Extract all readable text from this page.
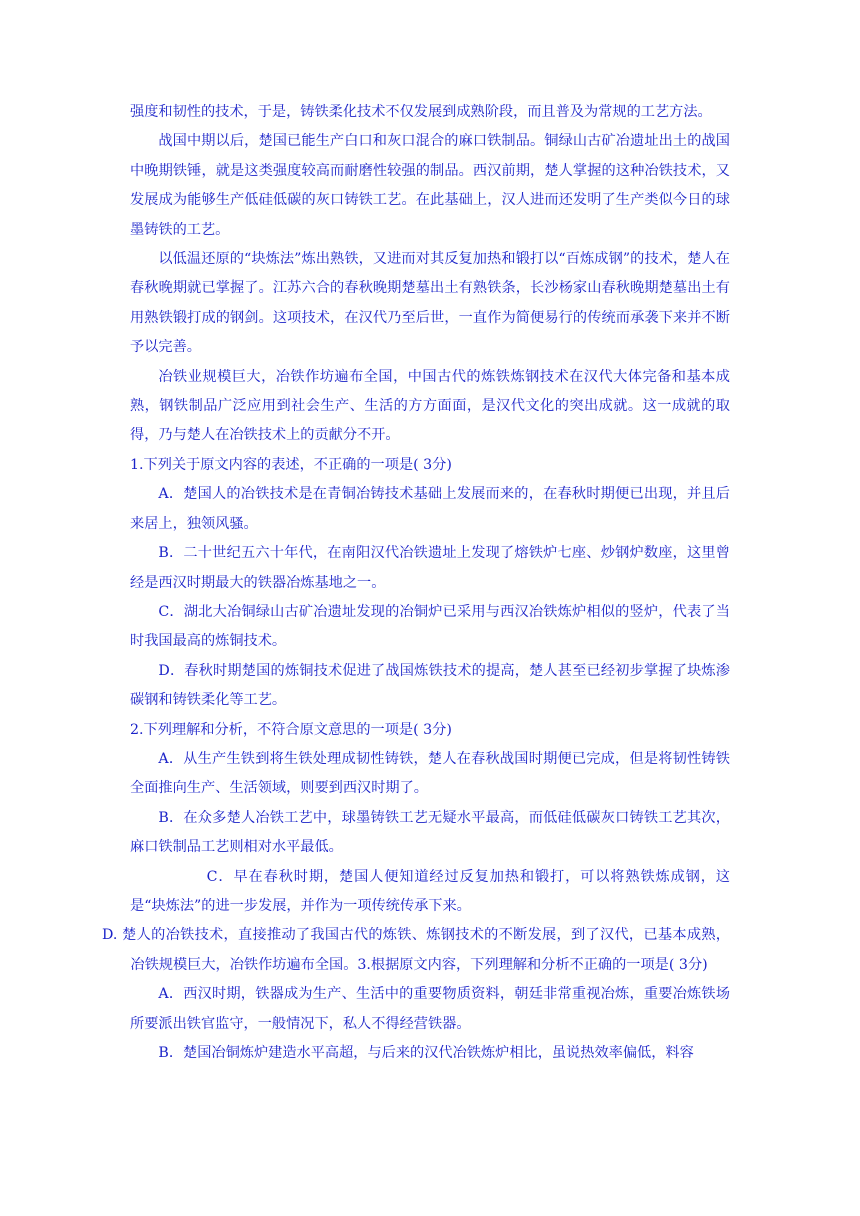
强度和韧性的技术，于是，铸铁柔化技术不仅发展到成熟阶段，而且普及为常规的工艺方法。

战国中期以后，楚国已能生产白口和灰口混合的麻口铁制品。铜绿山古矿冶遗址出土的战国中晚期铁锤，就是这类强度较高而耐磨性较强的制品。西汉前期，楚人掌握的这种冶铁技术，又发展成为能够生产低硅低碳的灰口铸铁工艺。在此基础上，汉人进而还发明了生产类似今日的球墨铸铁的工艺。

以低温还原的“块炼法”炼出熟铁，又进而对其反复加热和锻打以“百炼成钢”的技术，楚人在春秋晚期就已掌握了。江苏六合的春秋晚期楚墓出土有熟铁条，长沙杨家山春秋晚期楚墓出土有用熟铁锻打成的钢剑。这项技术，在汉代乃至后世，一直作为简便易行的传统而承袭下来并不断予以完善。

冶铁业规模巨大，冶铁作坊遍布全国，中国古代的炼铁炼钢技术在汉代大体完备和基本成熟，钢铁制品广泛应用到社会生产、生活的方方面面，是汉代文化的突出成就。这一成就的取得，乃与楚人在冶铁技术上的贡献分不开。

1.下列关于原文内容的表述，不正确的一项是( 3分)

A．楚国人的冶铁技术是在青铜冶铸技术基础上发展而来的，在春秋时期便已出现，并且后来居上，独领风骚。

B．二十世纪五六十年代，在南阳汉代冶铁遗址上发现了熔铁炉七座、炒钢炉数座，这里曾经是西汉时期最大的铁器冶炼基地之一。

C．湖北大冶铜绿山古矿冶遗址发现的冶铜炉已采用与西汉冶铁炼炉相似的竖炉，代表了当时我国最高的炼铜技术。

D．春秋时期楚国的炼铜技术促进了战国炼铁技术的提高，楚人甚至已经初步掌握了块炼渗碳钢和铸铁柔化等工艺。

2.下列理解和分析，不符合原文意思的一项是( 3分)

A．从生产生铁到将生铁处理成韧性铸铁，楚人在春秋战国时期便已完成，但是将韧性铸铁全面推向生产、生活领域，则要到西汉时期了。

B．在众多楚人冶铁工艺中，球墨铸铁工艺无疑水平最高，而低硅低碳灰口铸铁工艺其次，麻口铁制品工艺则相对水平最低。

C．早在春秋时期，楚国人便知道经过反复加热和锻打，可以将熟铁炼成钢，这是“块炼法”的进一步发展，并作为一项传统传承下来。

D. 楚人的冶铁技术，直接推动了我国古代的炼铁、炼钢技术的不断发展，到了汉代，已基本成熟，冶铁规模巨大，冶铁作坊遍布全国。3.根据原文内容，下列理解和分析不正确的一项是( 3分)

A．西汉时期，铁器成为生产、生活中的重要物质资料，朝廷非常重视冶炼，重要冶炼铁场所要派出铁官监守，一般情况下，私人不得经营铁器。

B．楚国冶铜炼炉建造水平高超，与后来的汉代冶铁炼炉相比，虽说热效率偏低，料容
